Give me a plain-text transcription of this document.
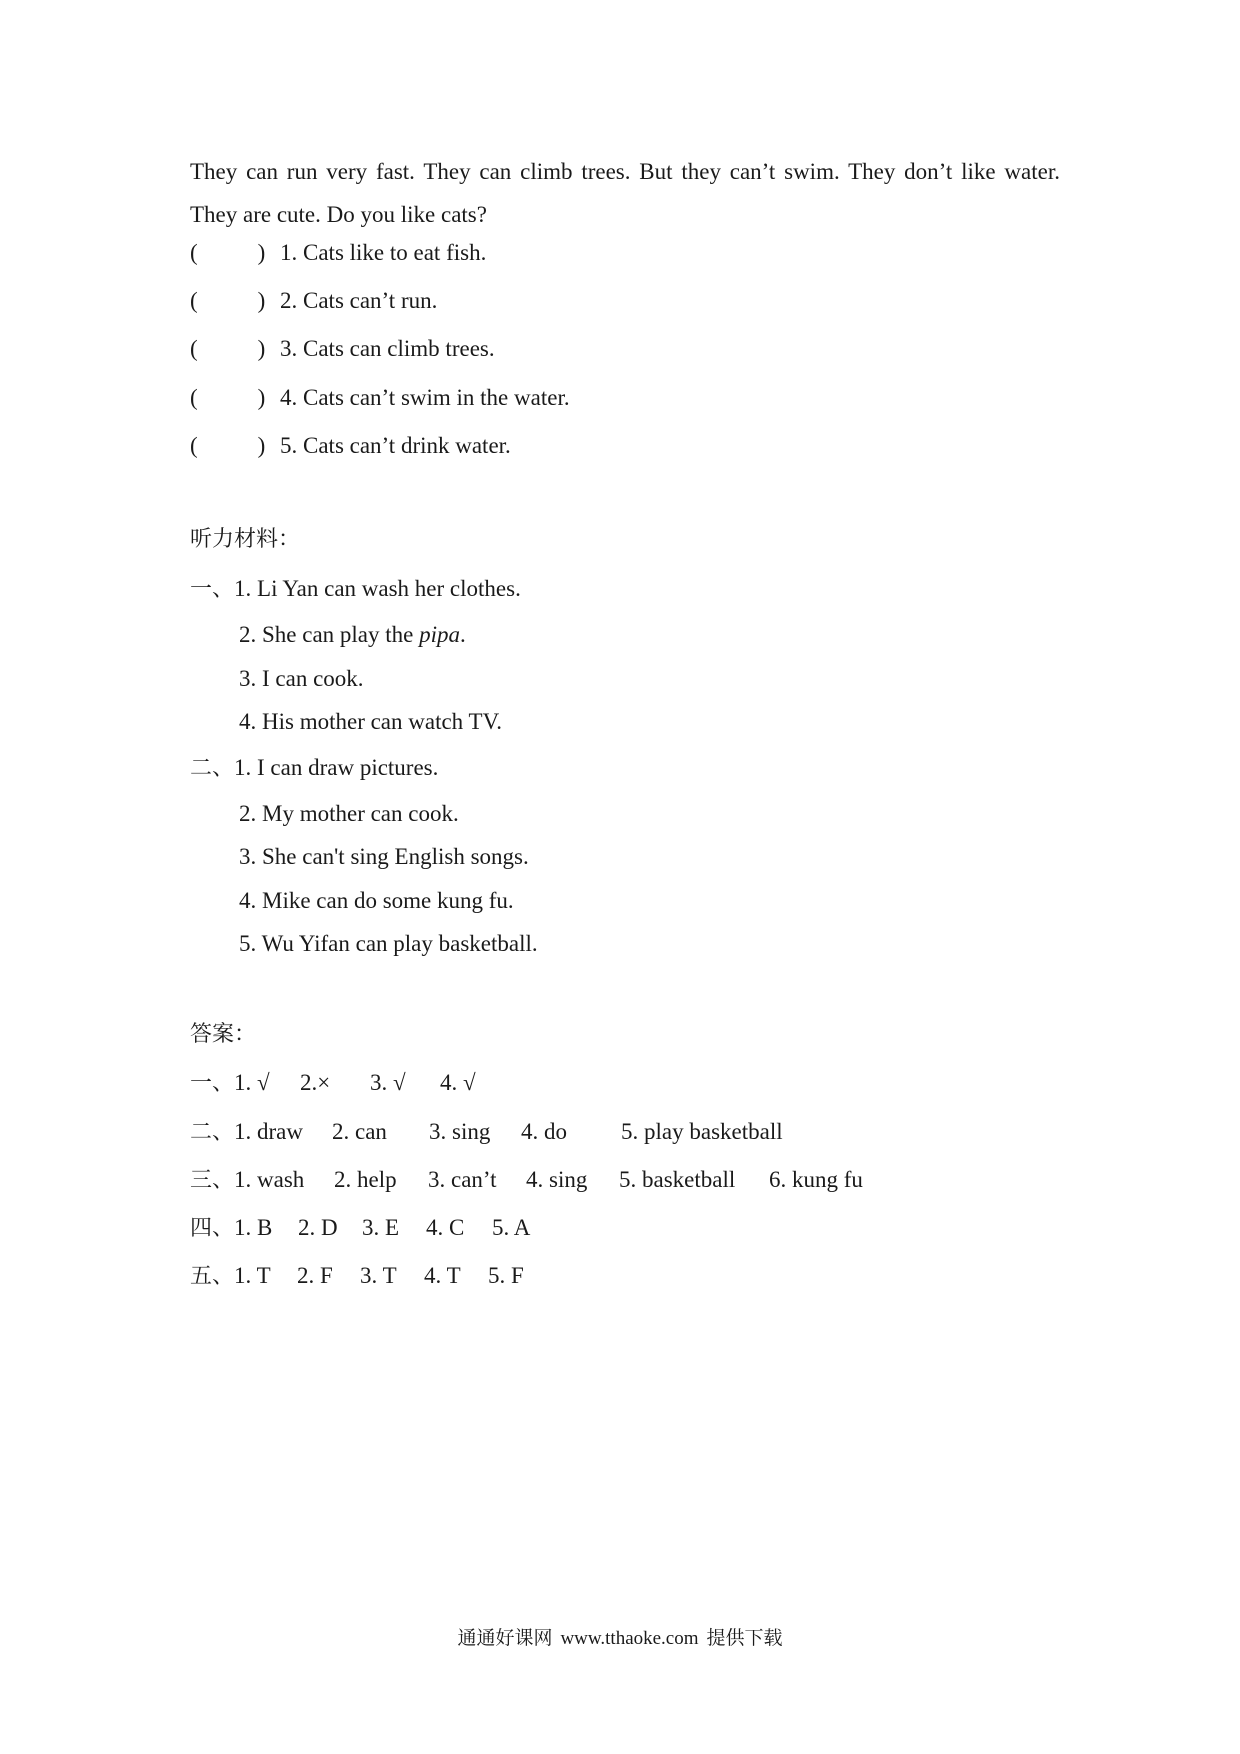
They can run very fast. They can climb trees. But they can’t swim. They don’t like water. They are cute. Do you like cats?
(	) 1. Cats like to eat fish.
(	) 2. Cats can’t run.
(	) 3. Cats can climb trees.
(	) 4. Cats can’t swim in the water.
(	) 5. Cats can’t drink water.
听力材料：
一、1. Li Yan can wash her clothes.
2. She can play the pipa.
3. I can cook.
4. His mother can watch TV.
二、1. I can draw pictures.
2. My mother can cook.
3. She can't sing English songs.
4. Mike can do some kung fu.
5. Wu Yifan can play basketball.
答案：
一、1. √ 2.× 3. √ 4. √
二、1. draw 2. can 3. sing 4. do 5. play basketball
三、1. wash 2. help 3. can’t 4. sing 5. basketball 6. kung fu
四、1. B 2. D 3. E 4. C 5. A
五、1. T 2. F 3. T 4. T 5. F
通通好课网 www.tthaoke.com 提供下载
